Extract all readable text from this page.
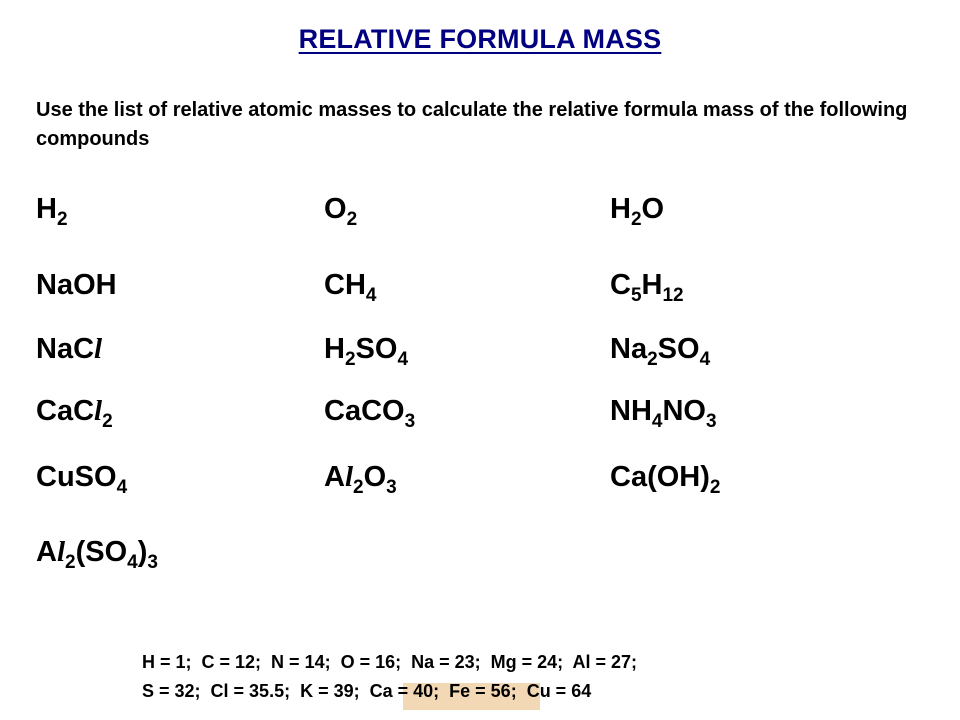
RELATIVE FORMULA MASS
Use the list of relative atomic masses to calculate the relative formula mass of the following compounds
$H_2$	$O_2$	$H_2O$
NaOH	$CH_4$	$C_5H_{12}$
NaCl	$H_2SO_4$	$Na_2SO_4$
CaCl$_2$	CaCO$_3$	$NH_4NO_3$
CuSO$_4$	$Al_2O_3$	$Ca(OH)_2$
$Al_2(SO_4)_3$
H = 1;  C = 12;  N = 14;  O = 16;  Na = 23;  Mg = 24;  Al = 27;
S = 32;  Cl = 35.5;  K = 39;  Ca = 40;  Fe = 56;  Cu = 64
